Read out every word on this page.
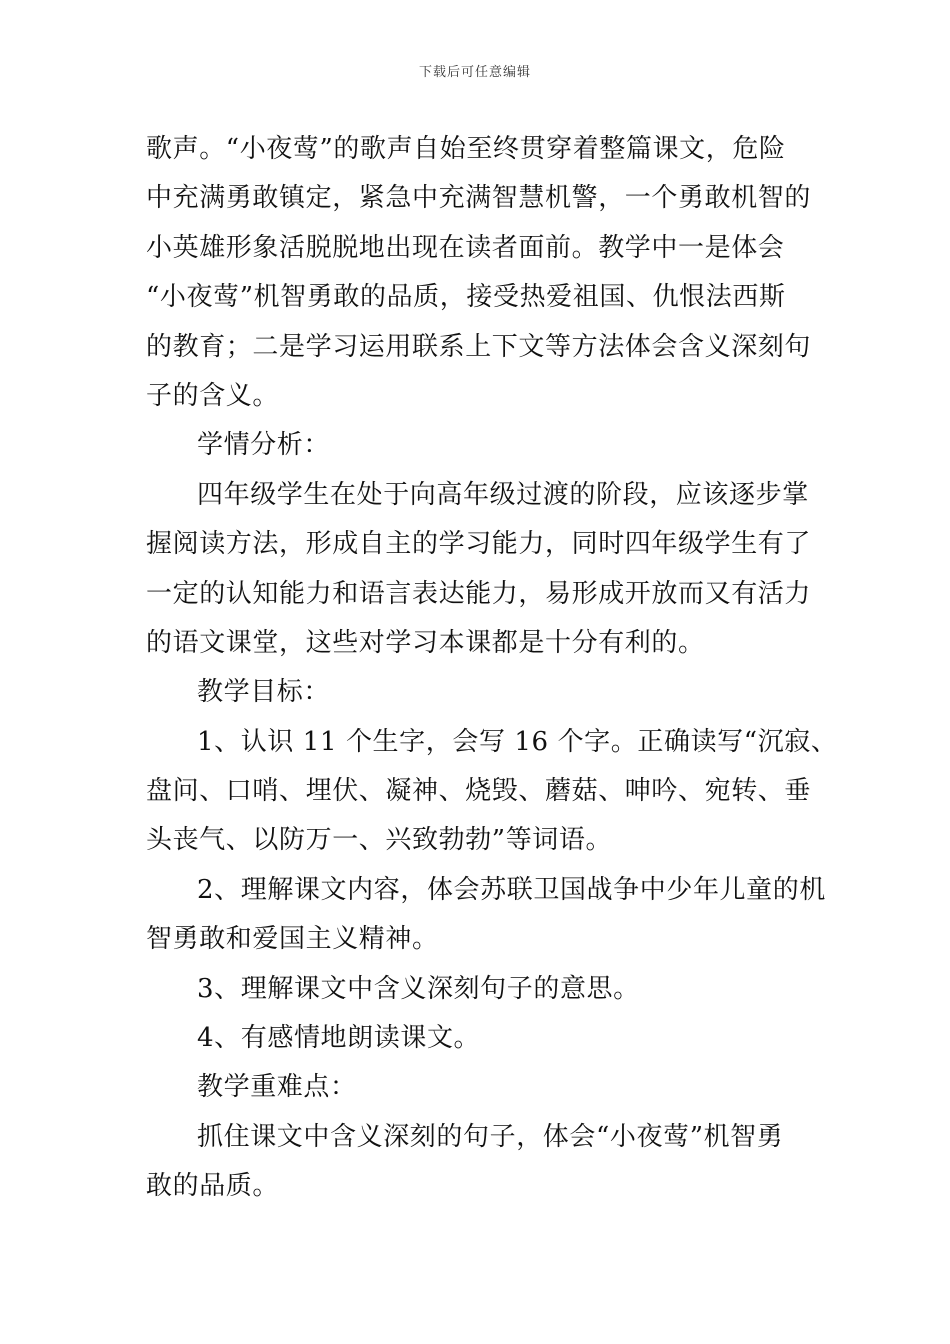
下载后可任意编辑
歌声。“小夜莺”的歌声自始至终贯穿着整篇课文，危险
中充满勇敢镇定，紧急中充满智慧机警，一个勇敢机智的
小英雄形象活脱脱地出现在读者面前。教学中一是体会
“小夜莺”机智勇敢的品质，接受热爱祖国、仇恨法西斯
的教育；二是学习运用联系上下文等方法体会含义深刻句
子的含义。
学情分析：
四年级学生在处于向高年级过渡的阶段，应该逐步掌
握阅读方法，形成自主的学习能力，同时四年级学生有了
一定的认知能力和语言表达能力，易形成开放而又有活力
的语文课堂，这些对学习本课都是十分有利的。
教学目标：
1、认识 11 个生字，会写 16 个字。正确读写“沉寂、
盘问、口哨、埋伏、凝神、烧毁、蘑菇、呻吟、宛转、垂
头丧气、以防万一、兴致勃勃”等词语。
2、理解课文内容，体会苏联卫国战争中少年儿童的机
智勇敢和爱国主义精神。
3、理解课文中含义深刻句子的意思。
4、有感情地朗读课文。
教学重难点：
抓住课文中含义深刻的句子，体会“小夜莺”机智勇
敢的品质。
